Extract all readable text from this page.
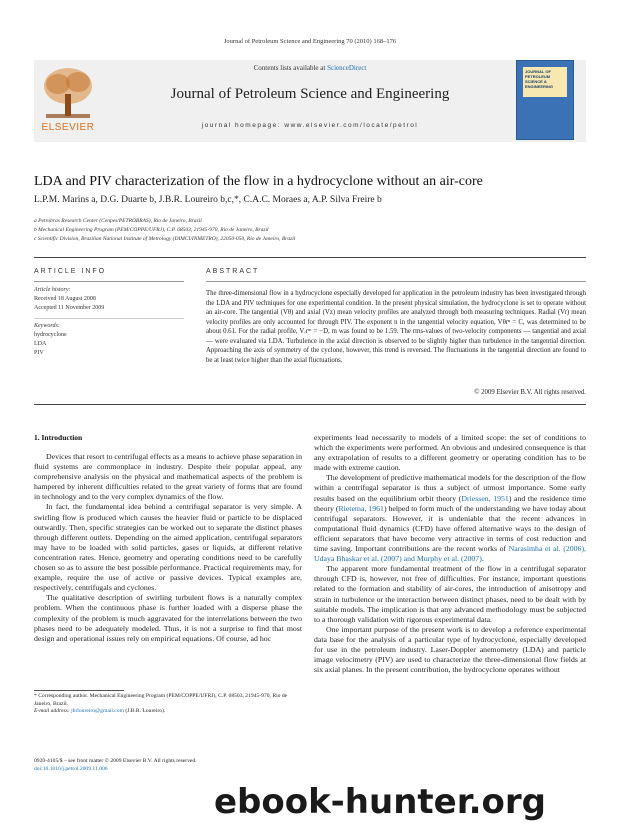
Journal of Petroleum Science and Engineering 70 (2010) 168–176
ELSEVIER
Contents lists available at ScienceDirect
Journal of Petroleum Science and Engineering
journal homepage: www.elsevier.com/locate/petrol
JOURNAL OF PETROLEUM SCIENCE & ENGINEERING
LDA and PIV characterization of the flow in a hydrocyclone without an air-core
L.P.M. Marins a, D.G. Duarte b, J.B.R. Loureiro b,c,*, C.A.C. Moraes a, A.P. Silva Freire b
a Petrobras Research Center (Cenpes/PETROBRAS), Rio de Janeiro, Brazil
b Mechanical Engineering Program (PEM/COPPE/UFRJ), C.P. 68503, 21945-970, Rio de Janeiro, Brazil
c Scientific Division, Brazilian National Institute of Metrology (DIMCI/INMETRO), 22050-050, Rio de Janeiro, Brazil
ARTICLE INFO	ABSTRACT
Article history:
Received 18 August 2008
Accepted 11 November 2009
Keywords:
hydrocyclone
LDA
PIV
The three-dimensional flow in a hydrocyclone especially developed for application in the petroleum industry has been investigated through the LDA and PIV techniques for one experimental condition. In the present physical simulation, the hydrocyclone is set to operate without an air-core. The tangential (Vθ) and axial (Vz) mean velocity profiles are analyzed through both measuring techniques. Radial (Vr) mean velocity profiles are only accounted for through PIV. The exponent n in the tangential velocity equation, Vθrⁿ = C, was determined to be about 0.61. For the radial profile, Vᵣrᵐ = −D, m was found to be 1.59. The rms-values of two-velocity components — tangential and axial — were evaluated via LDA. Turbulence in the axial direction is observed to be slightly higher than turbulence in the tangential direction. Approaching the axis of symmetry of the cyclone, however, this trend is reversed. The fluctuations in the tangential direction are found to be at least twice higher than the axial fluctuations.
© 2009 Elsevier B.V. All rights reserved.
1. Introduction

Devices that resort to centrifugal effects as a means to achieve phase separation in fluid systems are commonplace in industry. Despite their popular appeal, any comprehensive analysis on the physical and mathematical aspects of the problem is hampered by inherent difficulties related to the great variety of forms that are found in technology and to the very complex dynamics of the flow.

In fact, the fundamental idea behind a centrifugal separator is very simple. A swirling flow is produced which causes the heavier fluid or particle to be displaced outwardly. Then, specific strategies can be worked out to separate the distinct phases through different outlets. Depending on the aimed application, centrifugal separators may have to be loaded with solid particles, gases or liquids, at different relative concentration rates. Hence, geometry and operating conditions need to be carefully chosen so as to assure the best possible performance. Practical requirements may, for example, require the use of active or passive devices. Typical examples are, respectively, centrifugals and cyclones.

The qualitative description of swirling turbulent flows is a naturally complex problem. When the continuous phase is further loaded with a disperse phase the complexity of the problem is much aggravated for the interrelations between the two phases need to be adequately modeled. Thus, it is not a surprise to find that most design and operational issues rely on empirical equations. Of course, ad hoc

experiments lead necessarily to models of a limited scope: the set of conditions to which the experiments were performed. An obvious and undesired consequence is that any extrapolation of results to a different geometry or operating condition has to be made with extreme caution.

The development of predictive mathematical models for the description of the flow within a centrifugal separator is thus a subject of utmost importance. Some early results based on the equilibrium orbit theory (Driessen, 1951) and the residence time theory (Rietema, 1961) helped to form much of the understanding we have today about centrifugal separators. However, it is undeniable that the recent advances in computational fluid dynamics (CFD) have offered alternative ways to the design of efficient separators that have become very attractive in terms of cost reduction and time saving. Important contributions are the recent works of Narasimha et al. (2006), Udaya Bhaskar et al. (2007) and Murphy et al. (2007).

The apparent more fundamental treatment of the flow in a centrifugal separator through CFD is, however, not free of difficulties. For instance, important questions related to the formation and stability of air-cores, the introduction of anisotropy and strain in turbulence or the interaction between distinct phases, need to be dealt with by suitable models. The implication is that any advanced methodology must be subjected to a thorough validation with rigorous experimental data.

One important purpose of the present work is to develop a reference experimental data base for the analysis of a particular type of hydrocyclone, especially developed for use in the petroleum industry. Laser-Doppler anemometry (LDA) and particle image velocimetry (PIV) are used to characterize the three-dimensional flow fields at six axial planes. In the present contribution, the hydrocyclone operates without

* Corresponding author. Mechanical Engineering Program (PEM/COPPE/UFRJ), C.P. 68503, 21945-970, Rio de Janeiro, Brazil.
E-mail address: jbrloureiro@gmail.com (J.B.R. Loureiro).
0920-4105/$ – see front matter © 2009 Elsevier B.V. All rights reserved.
doi:10.1016/j.petrol.2009.11.006
ebook-hunter.org
